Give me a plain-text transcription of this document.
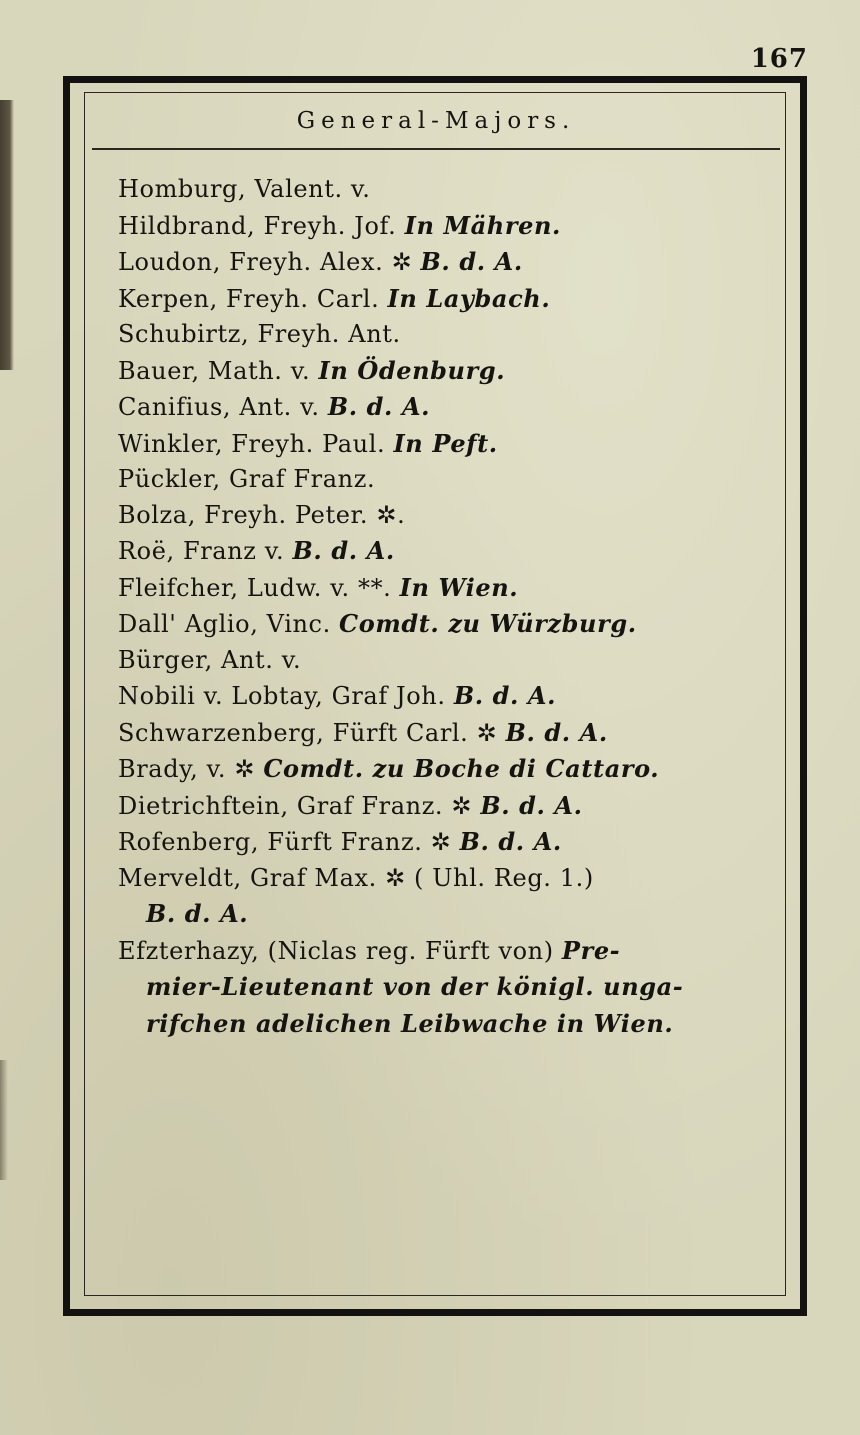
167
General-Majors.
Homburg, Valent. v.
Hildbrand, Freyh. Jof. In Mähren.
Loudon, Freyh. Alex. ✲ B. d. A.
Kerpen, Freyh. Carl. In Laybach.
Schubirtz, Freyh. Ant.
Bauer, Math. v. In Ödenburg.
Canifius, Ant. v. B. d. A.
Winkler, Freyh. Paul. In Peft.
Pückler, Graf Franz.
Bolza, Freyh. Peter. ✲.
Roë, Franz v. B. d. A.
Fleifcher, Ludw. v. **. In Wien.
Dall' Aglio, Vinc. Comdt. zu Würzburg.
Bürger, Ant. v.
Nobili v. Lobtay, Graf Joh. B. d. A.
Schwarzenberg, Fürft Carl. ✲ B. d. A.
Brady, v. ✲ Comdt. zu Boche di Cattaro.
Dietrichftein, Graf Franz. ✲ B. d. A.
Rofenberg, Fürft Franz. ✲ B. d. A.
Merveldt, Graf Max. ✲ ( Uhl. Reg. 1.)
B. d. A.
Efzterhazy, (Niclas reg. Fürft von) Pre-
mier-Lieutenant von der königl. unga-
rifchen adelichen Leibwache in Wien.
